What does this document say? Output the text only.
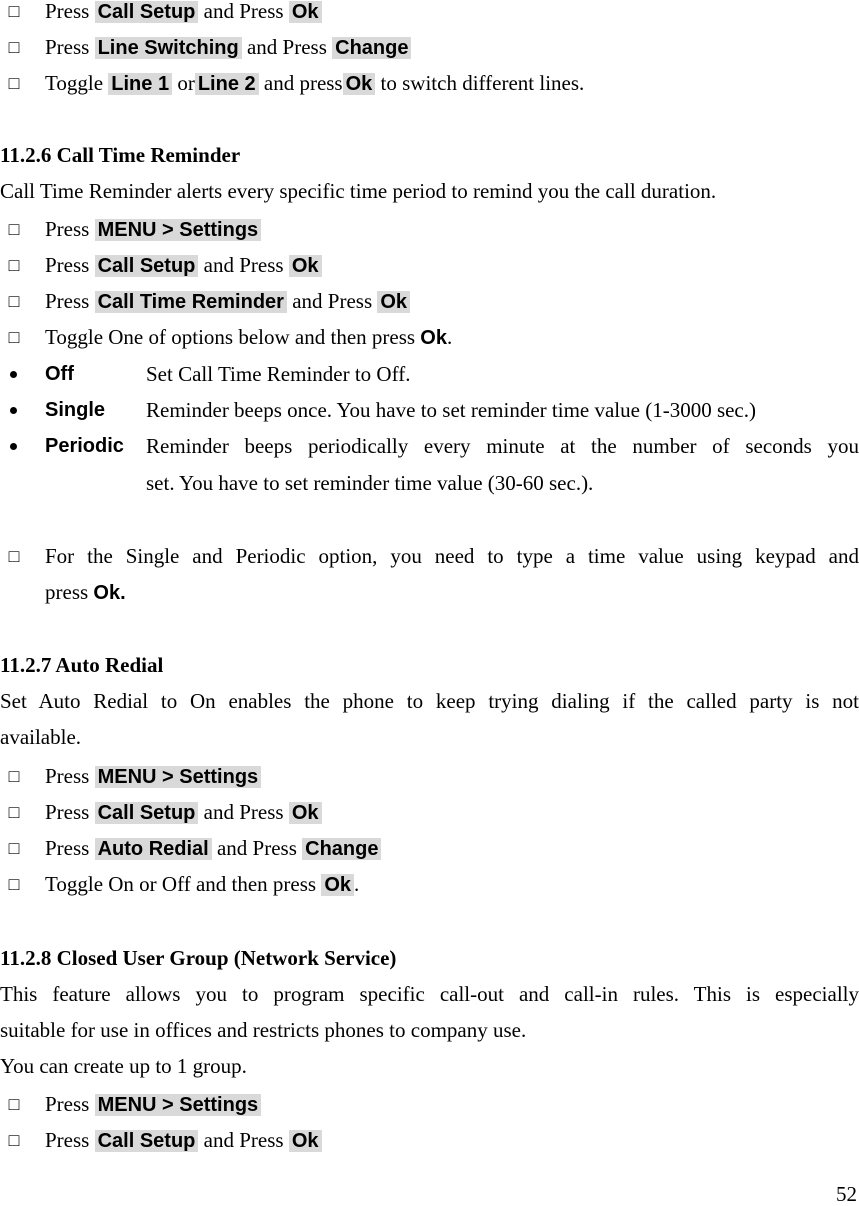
□ Press Call Setup and Press Ok
□ Press Line Switching and Press Change
□ Toggle Line 1 or Line 2 and press Ok to switch different lines.
11.2.6 Call Time Reminder
Call Time Reminder alerts every specific time period to remind you the call duration.
□ Press MENU > Settings
□ Press Call Setup and Press Ok
□ Press Call Time Reminder and Press Ok
□ Toggle One of options below and then press Ok.
Off	Set Call Time Reminder to Off.
Single Reminder beeps once. You have to set reminder time value (1-3000 sec.)
Periodic Reminder beeps periodically every minute at the number of seconds you
set. You have to set reminder time value (30-60 sec.).
□ For the Single and Periodic option, you need to type a time value using keypad and
press Ok.
11.2.7 Auto Redial
Set Auto Redial to On enables the phone to keep trying dialing if the called party is not
available.
□ Press MENU > Settings
□ Press Call Setup and Press Ok
□ Press Auto Redial and Press Change
□ Toggle On or Off and then press Ok .
11.2.8 Closed User Group (Network Service)
This feature allows you to program specific call-out and call-in rules. This is especially
suitable for use in offices and restricts phones to company use.
You can create up to 1 group.
□ Press MENU > Settings
□ Press Call Setup and Press Ok
52
